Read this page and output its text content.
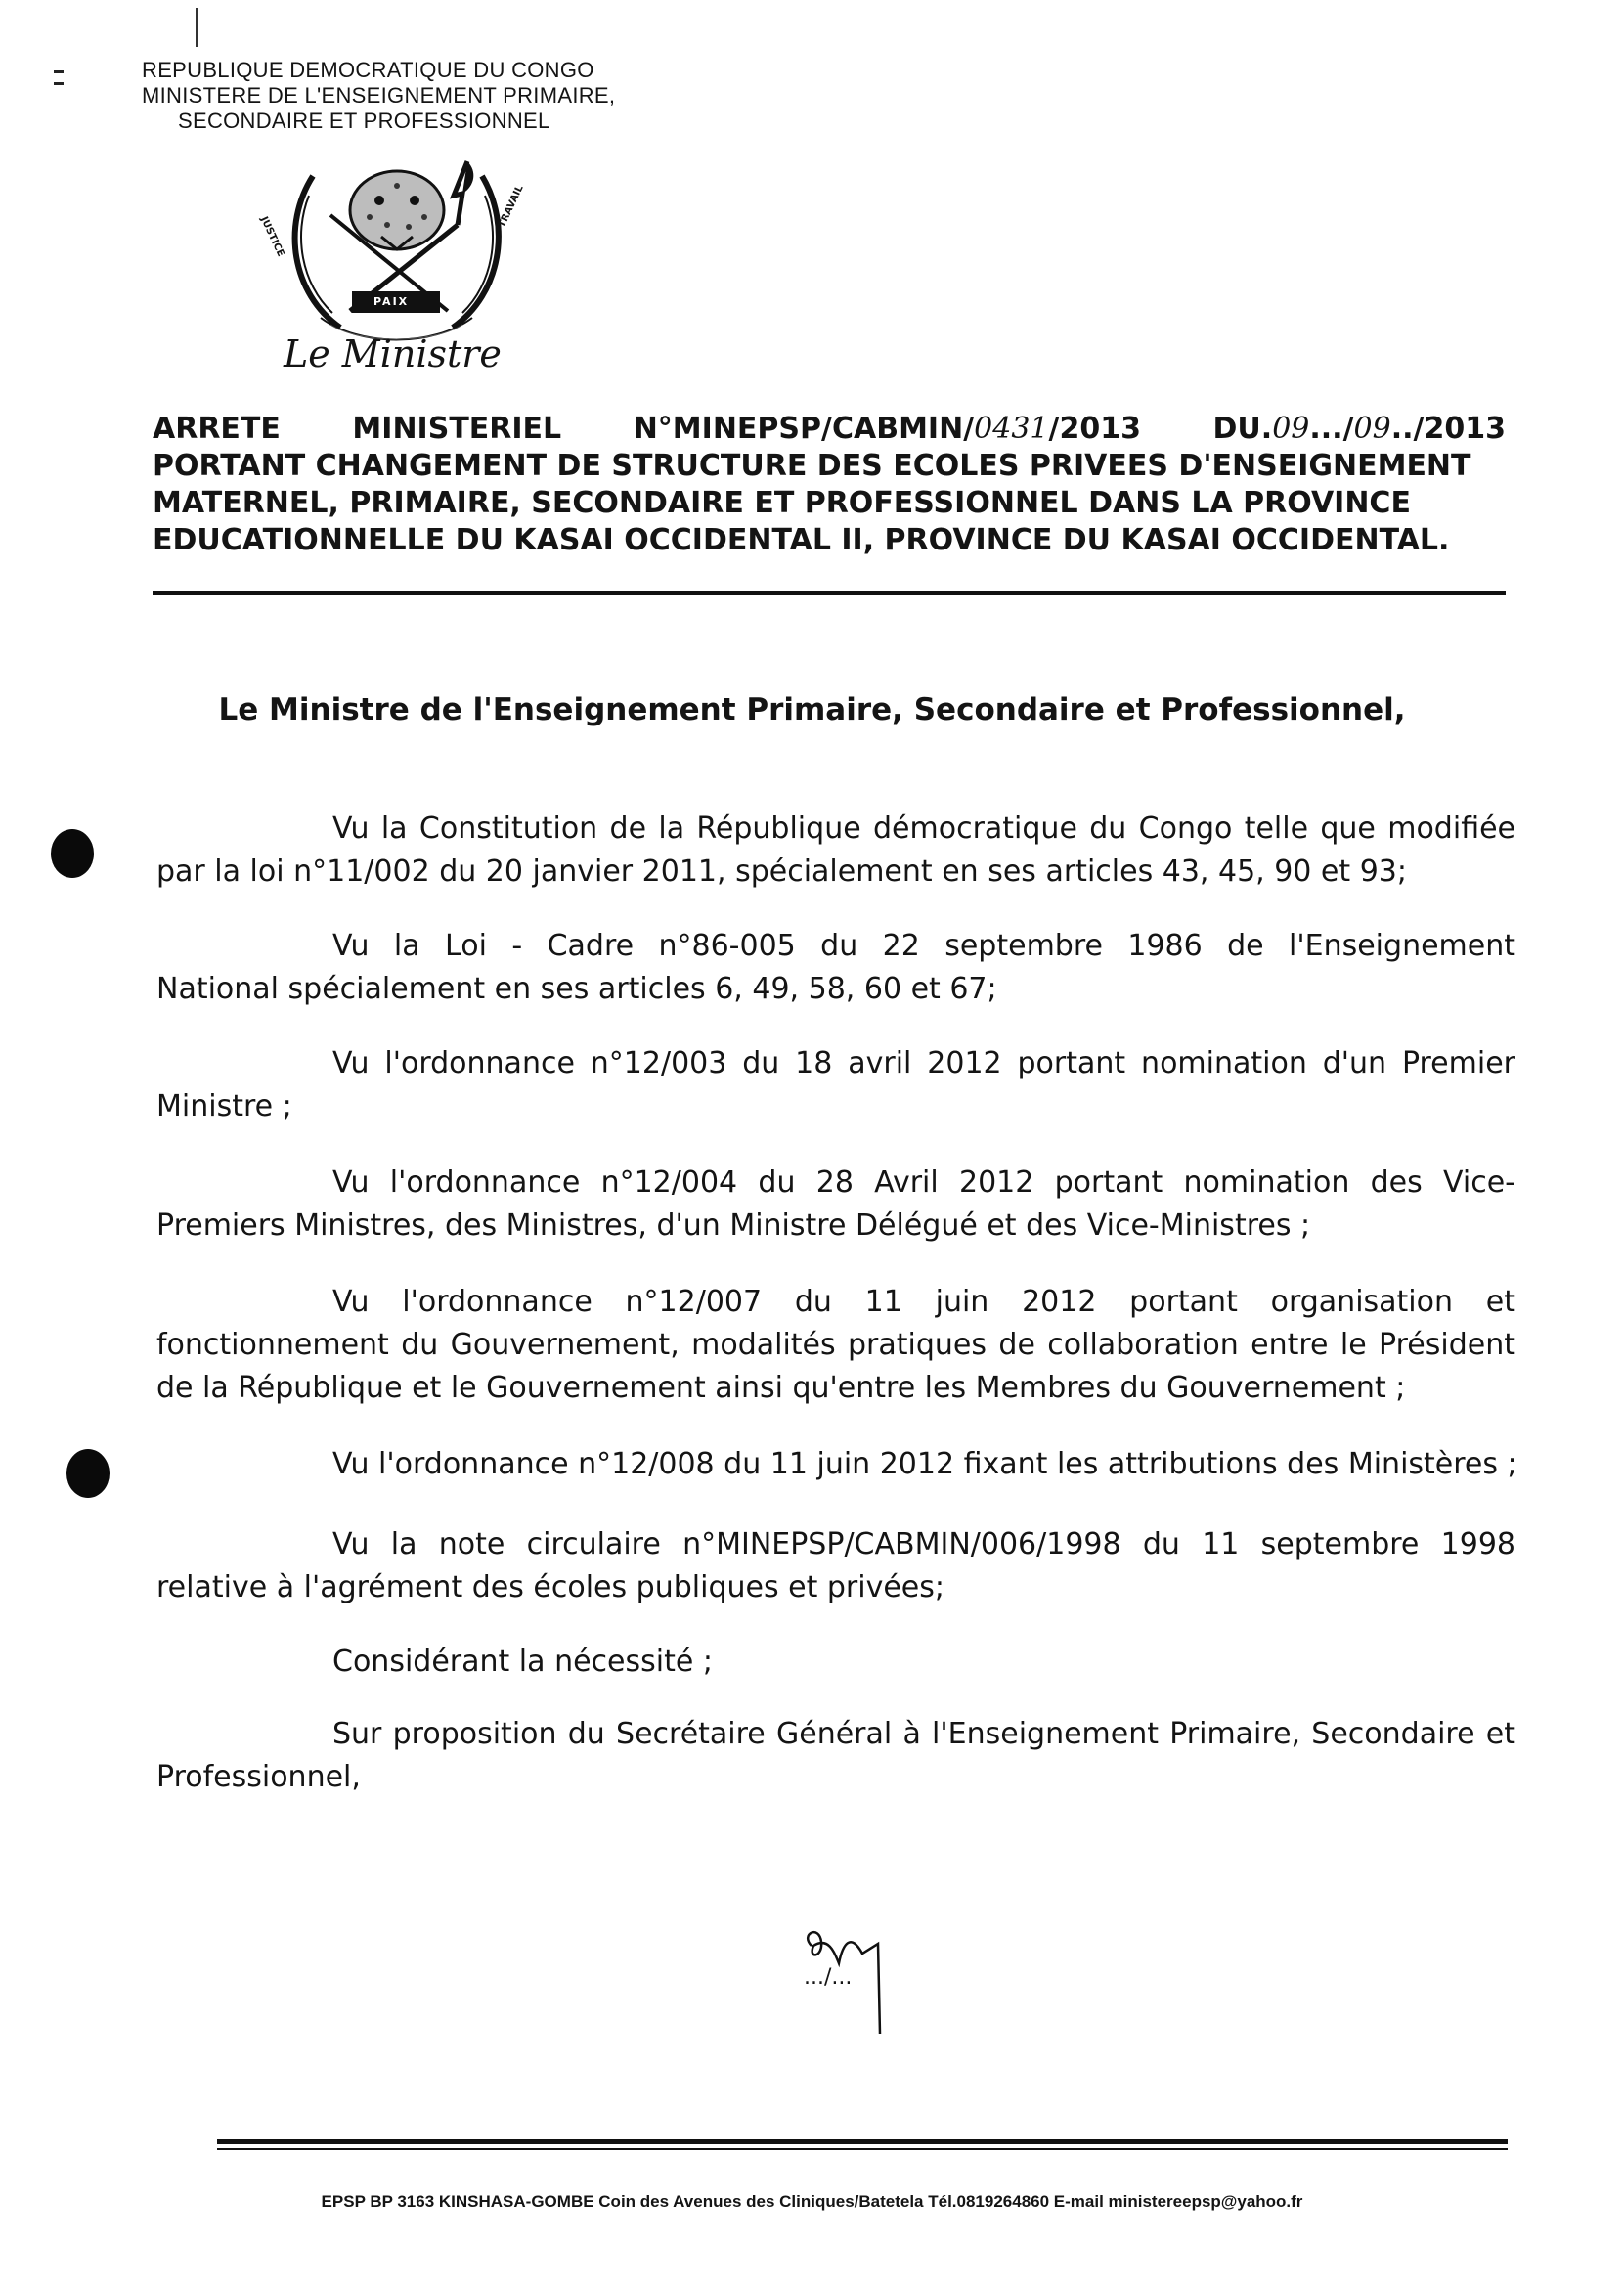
REPUBLIQUE DEMOCRATIQUE DU CONGO
MINISTERE DE L'ENSEIGNEMENT PRIMAIRE,
SECONDAIRE ET PROFESSIONNEL
JUSTICE
PAIX
TRAVAIL
Le Ministre
ARRETE MINISTERIEL N°MINEPSP/CABMIN/0431/2013 DU.09.../09../2013
PORTANT CHANGEMENT DE STRUCTURE DES ECOLES PRIVEES D'ENSEIGNEMENT
MATERNEL, PRIMAIRE, SECONDAIRE ET PROFESSIONNEL DANS LA PROVINCE
EDUCATIONNELLE DU KASAI OCCIDENTAL II, PROVINCE DU KASAI OCCIDENTAL.
Le Ministre de l'Enseignement Primaire, Secondaire et Professionnel,
Vu la Constitution de la République démocratique du Congo telle que modifiée
par la loi n°11/002 du 20 janvier 2011, spécialement en ses articles 43, 45, 90 et 93;
Vu la Loi - Cadre n°86-005 du 22 septembre 1986 de l'Enseignement
National spécialement en ses articles 6, 49, 58, 60 et 67;
Vu l'ordonnance n°12/003 du 18 avril 2012 portant nomination d'un Premier
Ministre ;
Vu l'ordonnance n°12/004 du 28 Avril 2012 portant nomination des Vice-
Premiers Ministres, des Ministres, d'un Ministre Délégué et des Vice-Ministres ;
Vu l'ordonnance n°12/007 du 11 juin 2012 portant organisation et
fonctionnement du Gouvernement, modalités pratiques de collaboration entre le Président
de la République et le Gouvernement ainsi qu'entre les Membres du Gouvernement ;
Vu l'ordonnance n°12/008 du 11 juin 2012 fixant les attributions des Ministères ;
Vu la note circulaire n°MINEPSP/CABMIN/006/1998 du 11 septembre 1998
relative à l'agrément des écoles publiques et privées;
Considérant la nécessité ;
Sur proposition du Secrétaire Général à l'Enseignement Primaire, Secondaire et
Professionnel,
.../...
EPSP BP 3163 KINSHASA-GOMBE Coin des Avenues des Cliniques/Batetela Tél.0819264860 E-mail ministereepsp@yahoo.fr
